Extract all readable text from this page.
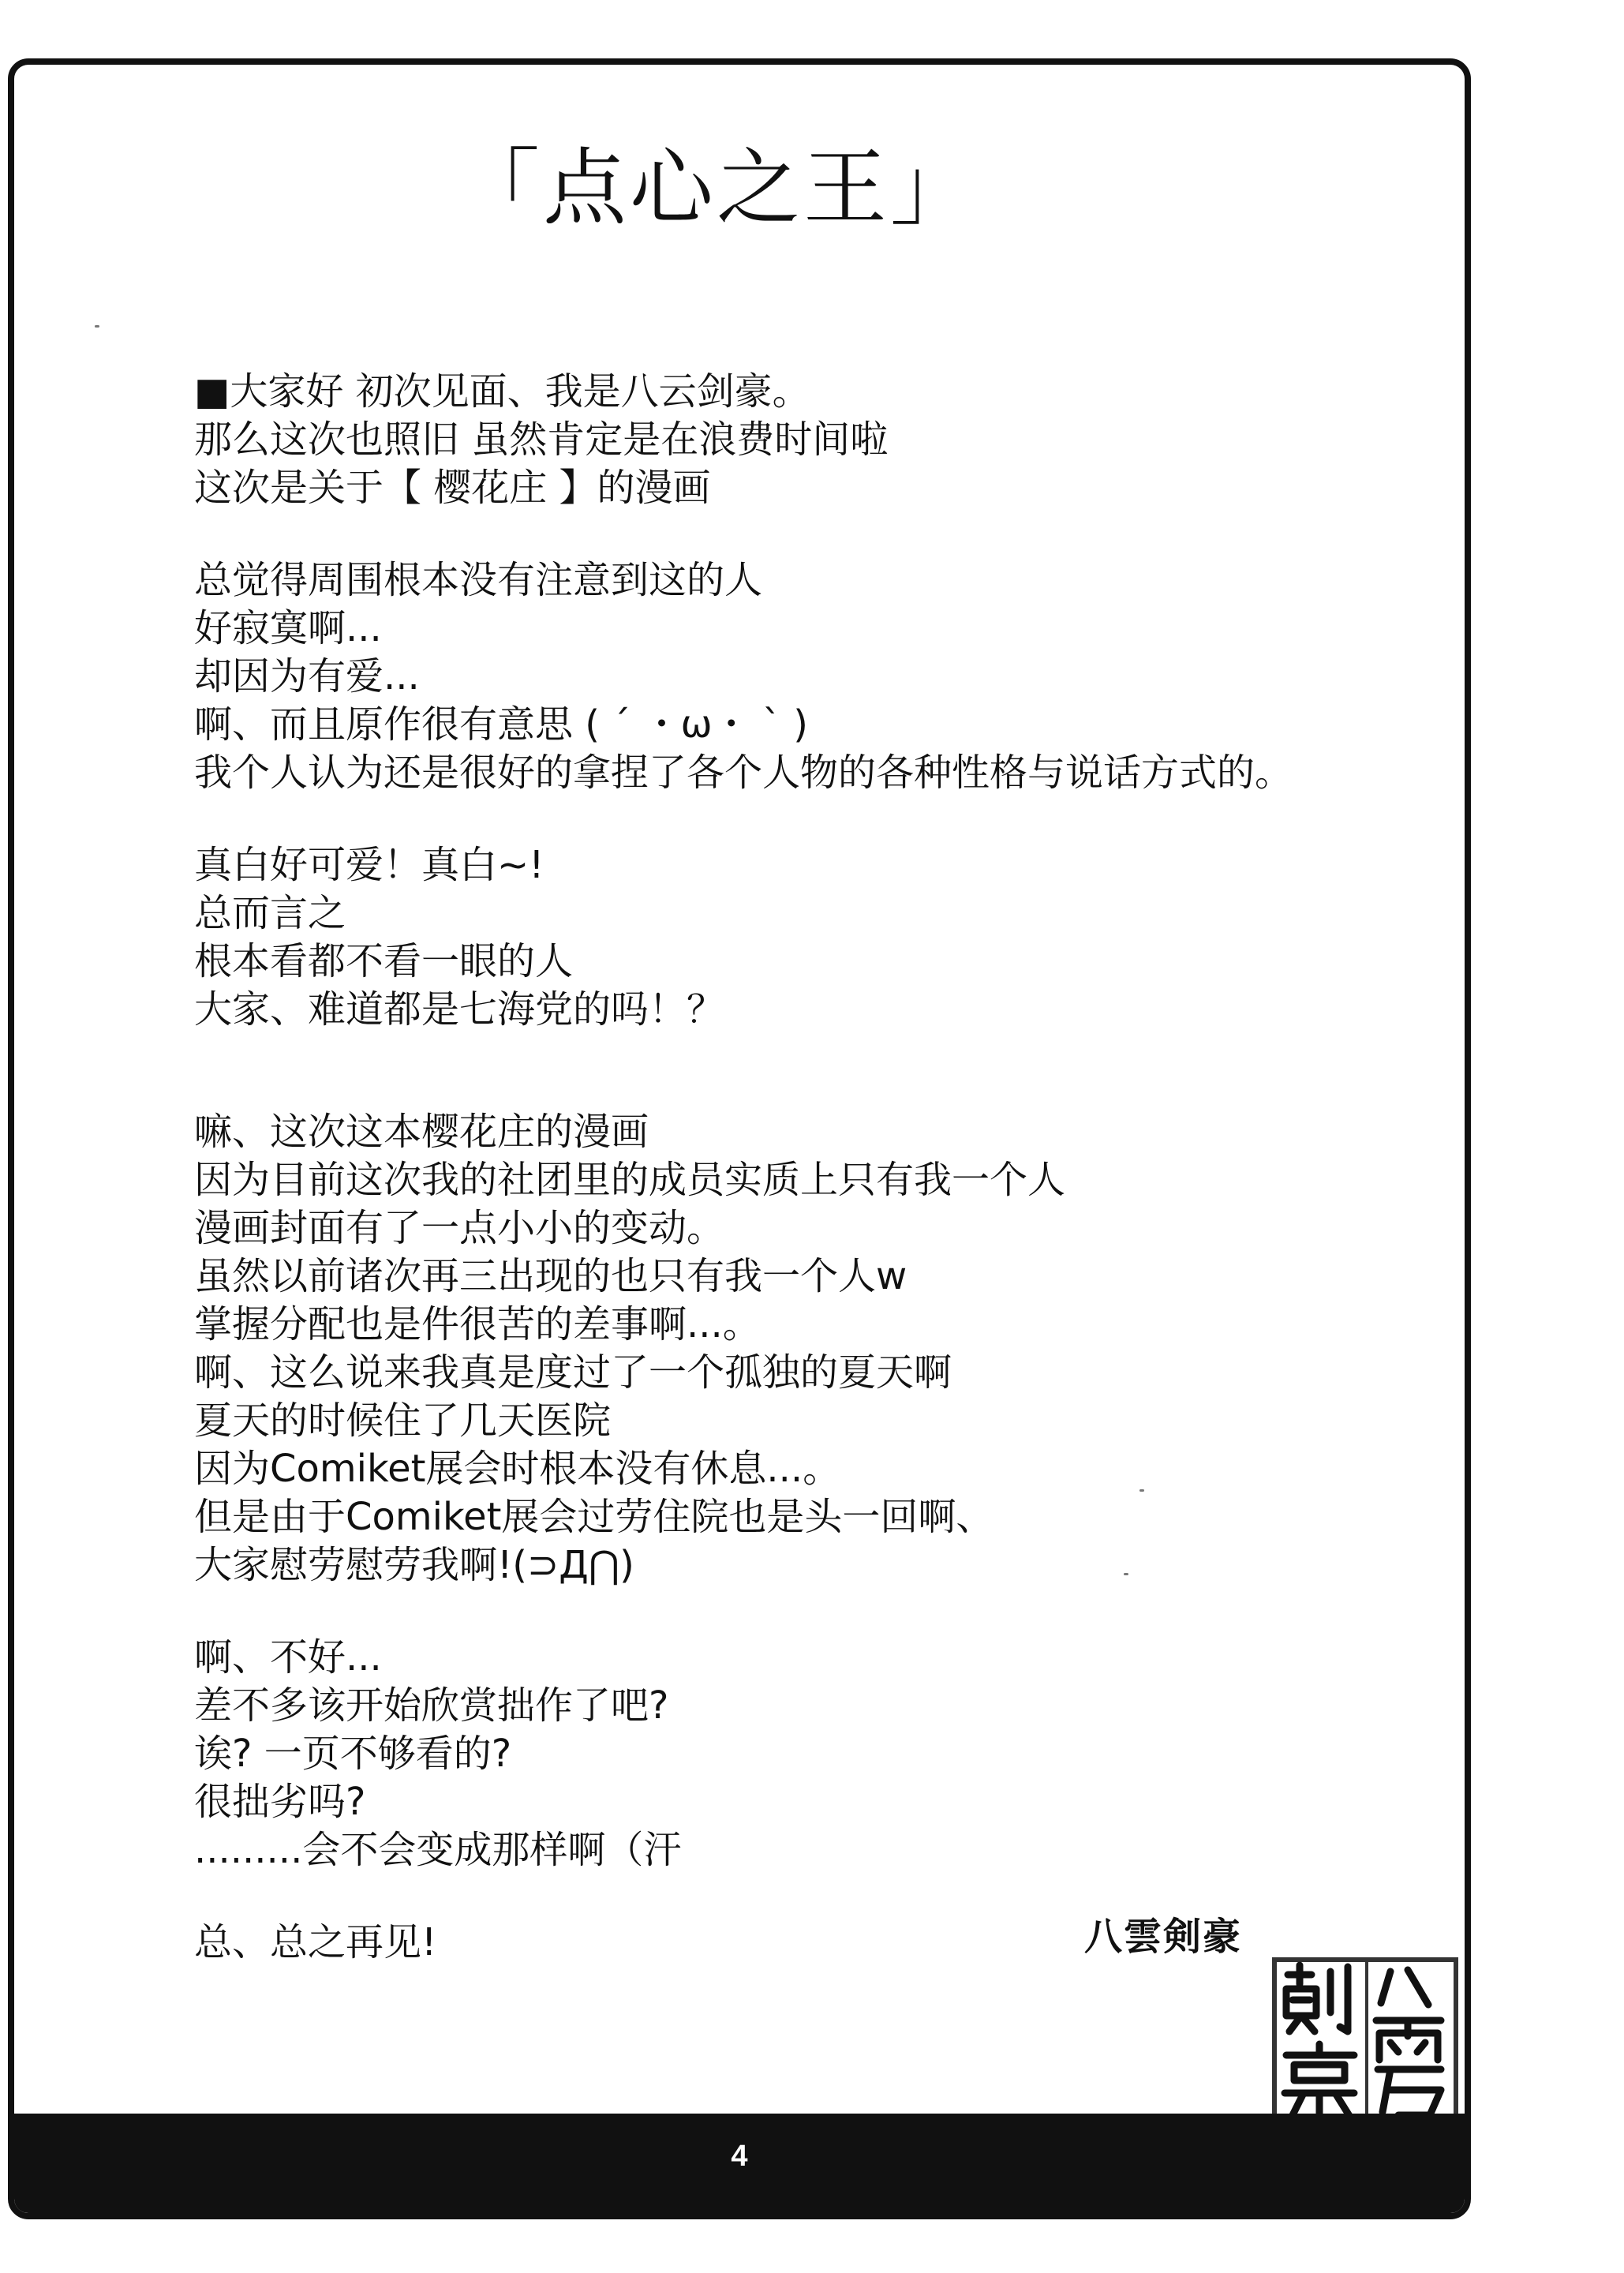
「点心之王」
■大家好 初次见面、我是八云剑豪。
那么这次也照旧 虽然肯定是在浪费时间啦
这次是关于【 樱花庄 】的漫画
总觉得周围根本没有注意到这的人
好寂寞啊...
却因为有爱...
啊、而且原作很有意思 ( ´ ・ω・ ` )
我个人认为还是很好的拿捏了各个人物的各种性格与说话方式的。
真白好可爱！真白~!
总而言之
根本看都不看一眼的人
大家、难道都是七海党的吗！？
嘛、这次这本樱花庄的漫画
因为目前这次我的社团里的成员实质上只有我一个人
漫画封面有了一点小小的变动。
虽然以前诸次再三出现的也只有我一个人w
掌握分配也是件很苦的差事啊...。
啊、这么说来我真是度过了一个孤独的夏天啊
夏天的时候住了几天医院
因为Comiket展会时根本没有休息...。
但是由于Comiket展会过劳住院也是头一回啊、
大家慰劳慰劳我啊!(⊃Д⋂)
啊、不好...
差不多该开始欣赏拙作了吧?
诶? 一页不够看的?
很拙劣吗?
.........会不会变成那样啊（汗
总、总之再见!	八雲剣豪
4
